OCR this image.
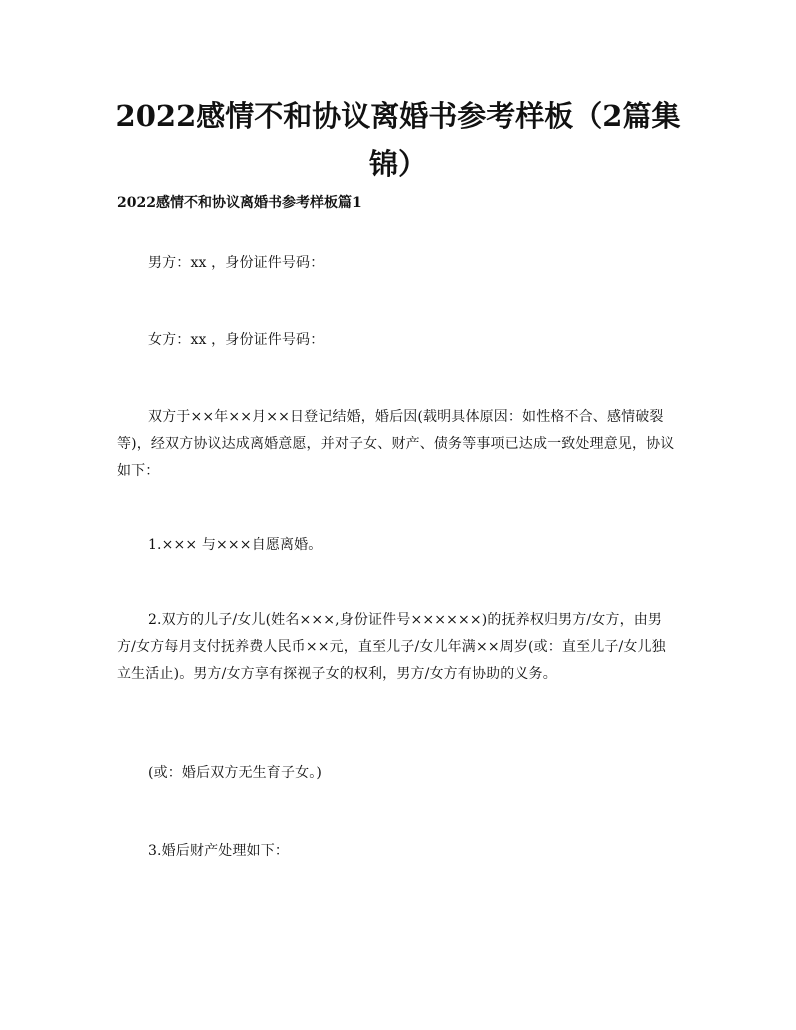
2022感情不和协议离婚书参考样板（2篇集锦）

2022感情不和协议离婚书参考样板篇1

男方：xx ，身份证件号码：

女方：xx ，身份证件号码：

双方于××年××月××日登记结婚，婚后因(载明具体原因：如性格不合、感情破裂等)，经双方协议达成离婚意愿，并对子女、财产、债务等事项已达成一致处理意见，协议如下：

1.××× 与×××自愿离婚。

2.双方的儿子/女儿(姓名×××,身份证件号××××××)的抚养权归男方/女方，由男方/女方每月支付抚养费人民币××元，直至儿子/女儿年满××周岁(或：直至儿子/女儿独立生活止)。男方/女方享有探视子女的权利，男方/女方有协助的义务。

(或：婚后双方无生育子女。)

3.婚后财产处理如下：
